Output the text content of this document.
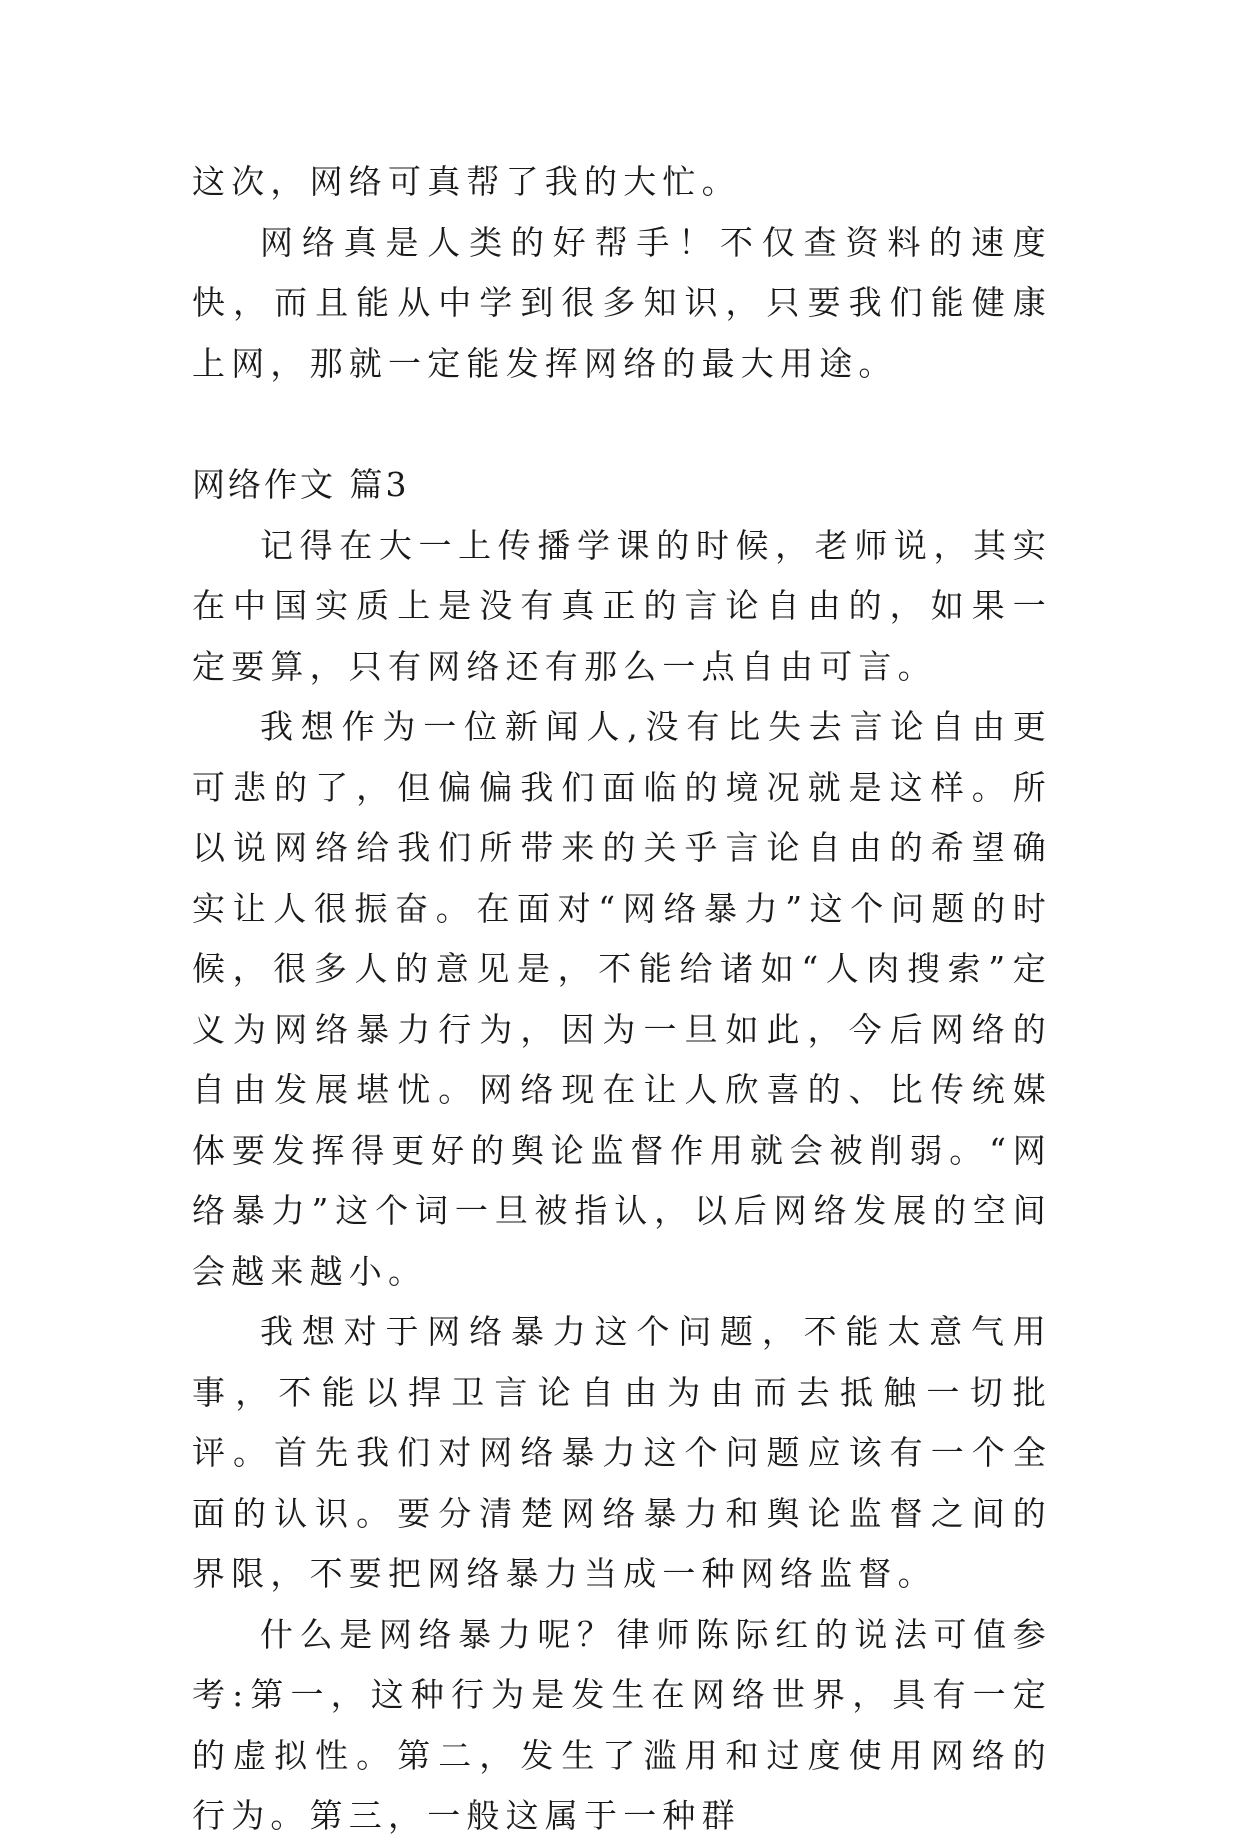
这次，网络可真帮了我的大忙。

网络真是人类的好帮手！不仅查资料的速度快，而且能从中学到很多知识，只要我们能健康上网，那就一定能发挥网络的最大用途。

网络作文 篇3

记得在大一上传播学课的时候，老师说，其实在中国实质上是没有真正的言论自由的，如果一定要算，只有网络还有那么一点自由可言。

我想作为一位新闻人,没有比失去言论自由更可悲的了，但偏偏我们面临的境况就是这样。所以说网络给我们所带来的关乎言论自由的希望确实让人很振奋。在面对“网络暴力”这个问题的时候，很多人的意见是，不能给诸如“人肉搜索”定义为网络暴力行为，因为一旦如此，今后网络的自由发展堪忧。网络现在让人欣喜的、比传统媒体要发挥得更好的舆论监督作用就会被削弱。“网络暴力”这个词一旦被指认，以后网络发展的空间会越来越小。

我想对于网络暴力这个问题，不能太意气用事，不能以捍卫言论自由为由而去抵触一切批评。首先我们对网络暴力这个问题应该有一个全面的认识。要分清楚网络暴力和舆论监督之间的界限，不要把网络暴力当成一种网络监督。

什么是网络暴力呢？律师陈际红的说法可值参考:第一，这种行为是发生在网络世界，具有一定的虚拟性。第二，发生了滥用和过度使用网络的行为。第三，一般这属于一种群
